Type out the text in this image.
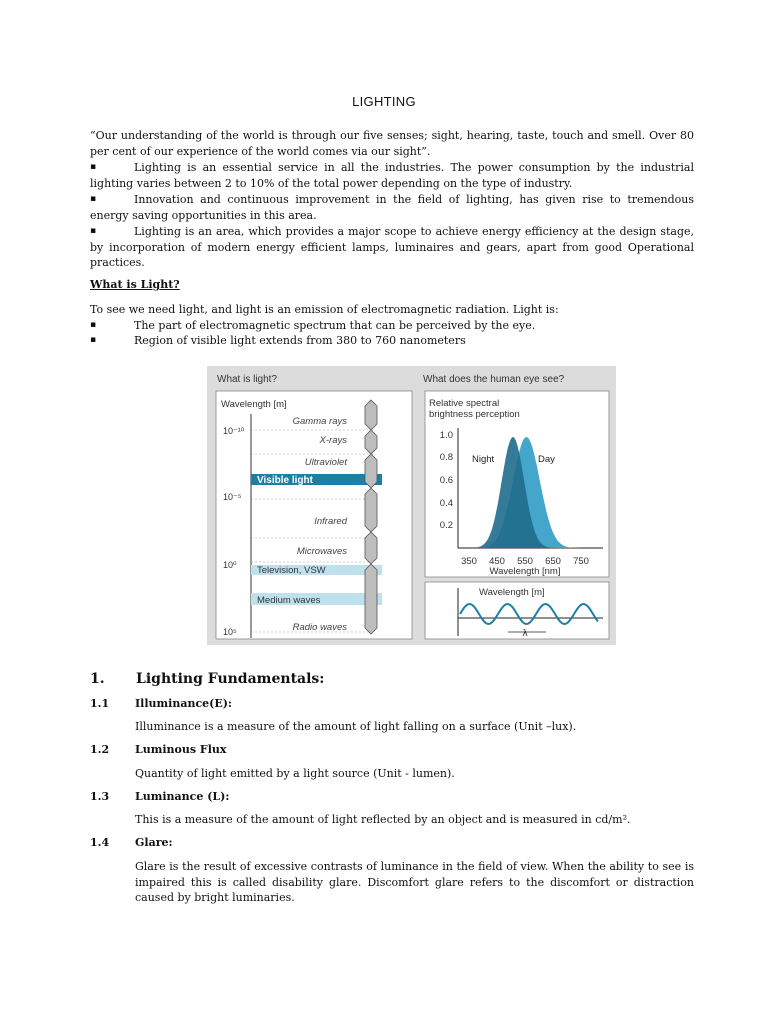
LIGHTING

“Our understanding of the world is through our five senses; sight, hearing, taste, touch and smell. Over 80 per cent of our experience of the world comes via our sight”.

▪	Lighting is an essential service in all the industries. The power consumption by the industrial lighting varies between 2 to 10% of the total power depending on the type of industry.
▪	Innovation and continuous improvement in the field of lighting, has given rise to tremendous energy saving opportunities in this area.
▪	Lighting is an area, which provides a major scope to achieve energy efficiency at the design stage, by incorporation of modern energy efficient lamps, luminaires and gears, apart from good Operational practices.
What is Light?

To see we need light, and light is an emission of electromagnetic radiation. Light is:

▪	The part of electromagnetic spectrum that can be perceived by the eye.
▪	Region of visible light extends from 380 to 760 nanometers
What is light?	What does the human eye see?
Wavelength [m]
10⁻¹⁰
10⁻⁵
10⁰
10⁵
Gamma rays
X-rays
Ultraviolet
Visible light
Infrared
Microwaves
Television, VSW
Medium waves
Radio waves
Relative spectral
brightness perception
1.0
0.8
0.6
0.4
0.2
350 450 550 650 750
Wavelength [nm]
Night	Day
Wavelength [m]
λ
1. Lighting Fundamentals:
1.1 Illuminance(E):
Illuminance is a measure of the amount of light falling on a surface (Unit –lux).
1.2 Luminous Flux
Quantity of light emitted by a light source (Unit - lumen).
1.3 Luminance (L):
This is a measure of the amount of light reflected by an object and is measured in cd/m².
1.4 Glare:
Glare is the result of excessive contrasts of luminance in the field of view. When the ability to see is impaired this is called disability glare. Discomfort glare refers to the discomfort or distraction caused by bright luminaries.
